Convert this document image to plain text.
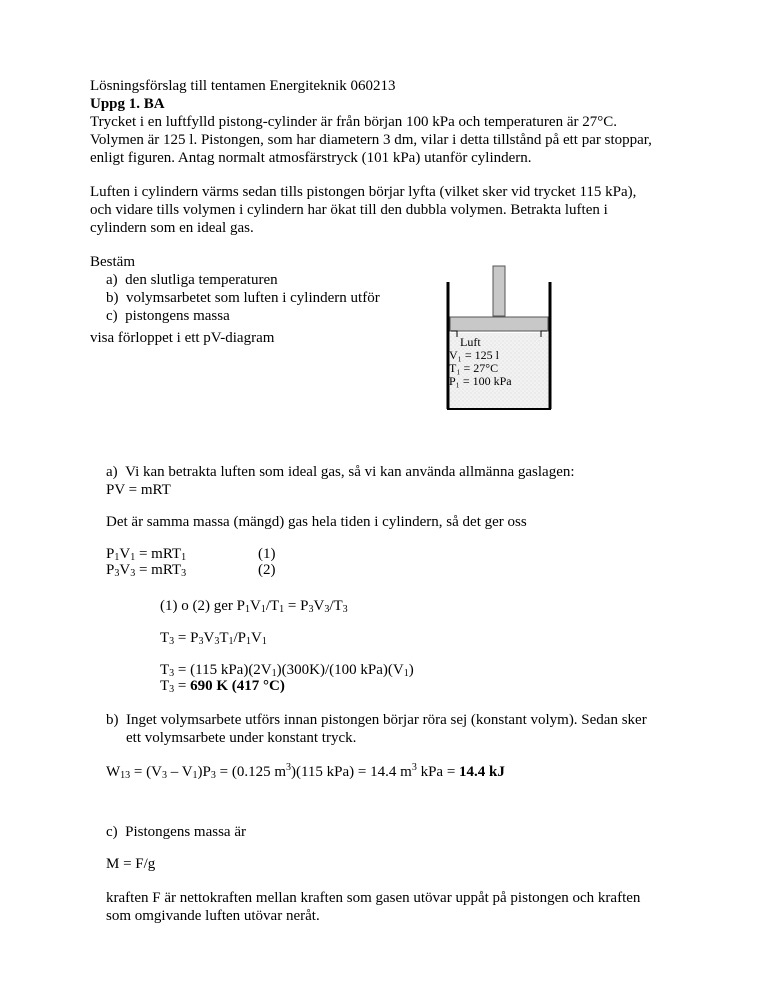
Lösningsförslag till tentamen Energiteknik 060213
Uppg 1. BA
Trycket i en luftfylld pistong-cylinder är från början 100 kPa och temperaturen är 27°C.
Volymen är 125 l. Pistongen, som har diametern 3 dm, vilar i detta tillstånd på ett par stoppar,
enligt figuren. Antag normalt atmosfärstryck (101 kPa) utanför cylindern.
Luften i cylindern värms sedan tills pistongen börjar lyfta (vilket sker vid trycket 115 kPa),
och vidare tills volymen i cylindern har ökat till den dubbla volymen. Betrakta luften i
cylindern som en ideal gas.
Bestäm
a) den slutliga temperaturen
b) volymsarbetet som luften i cylindern utför
c) pistongens massa
visa förloppet i ett pV-diagram	Luft
V₁ = 125 l
T₁ = 27°C
P₁ = 100 kPa
a) Vi kan betrakta luften som ideal gas, så vi kan använda allmänna gaslagen:
PV = mRT
Det är samma massa (mängd) gas hela tiden i cylindern, så det ger oss
$P_1V_1 = mRT_1$	(1)
$P_3V_3 = mRT_3$	(2)
(1) o (2) ger $P_1V_1/T_1 = P_3V_3/T_3$
$T_3 = P_3V_3T_1/P_1V_1$
$T_3 = (115$ $kPa)(2V_1)(300K)/(100$ $kPa)(V_1)$
$T_3 = 690$ K (417 °C)
b) Inget volymsarbete utförs innan pistongen börjar röra sej (konstant volym). Sedan sker
ett volymsarbete under konstant tryck.
$W_{13} = (V_3 - V_1)P_3 = (0.125$ $m^3)(115$ kPa) = 14.4 $m^3$ kPa = 14.4 kJ
c) Pistongens massa är
M = F/g
kraften F är nettokraften mellan kraften som gasen utövar uppåt på pistongen och kraften
som omgivande luften utövar neråt.
